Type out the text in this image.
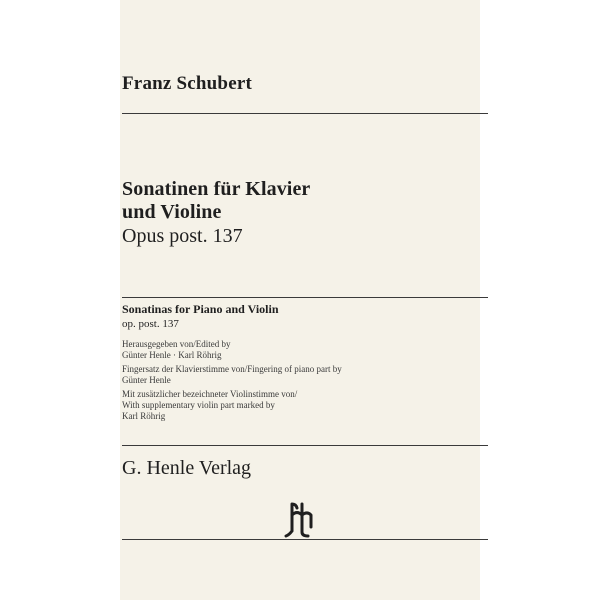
Franz Schubert
Sonatinen für Klavier
und Violine
Opus post. 137
Sonatinas for Piano and Violin
op. post. 137
Herausgegeben von/Edited by
Günter Henle · Karl Röhrig
Fingersatz der Klavierstimme von/Fingering of piano part by
Günter Henle
Mit zusätzlicher bezeichneter Violinstimme von/
With supplementary violin part marked by
Karl Röhrig
G. Henle Verlag
